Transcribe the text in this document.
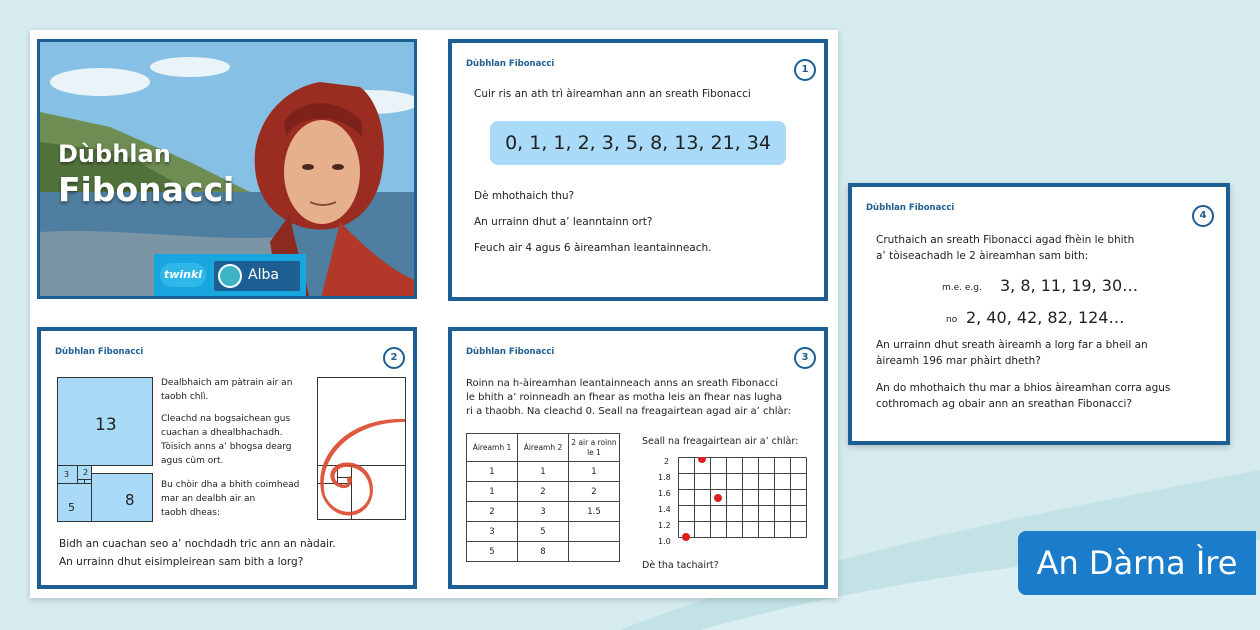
Dùbhlan
Fibonacci
twinkl	Alba
Dùbhlan Fibonacci	1
Cuir ris an ath trì àireamhan ann an sreath Fibonacci
0, 1, 1, 2, 3, 5, 8, 13, 21, 34
Dè mhothaich thu?
An urrainn dhut a’ leanntainn ort?
Feuch air 4 agus 6 àireamhan leantainneach.
Dùbhlan Fibonacci	2
13
8
5
3 2
Dealbhaich am pàtrain air an
taobh chlì.
Cleachd na bogsaichean gus
cuachan a dhealbhachadh.
Tòisich anns a’ bhogsa dearg
agus cùm ort.
Bu chòir dha a bhith coimhead
mar an dealbh air an
taobh dheas:
Bidh an cuachan seo a’ nochdadh tric ann an nàdair.
An urrainn dhut eisimpleirean sam bith a lorg?
Dùbhlan Fibonacci	3
Roinn na h-àireamhan leantainneach anns an sreath Fibonacci
le bhith a’ roinneadh an fhear as motha leis an fhear nas lugha
ri a thaobh. Na cleachd 0. Seall na freagairtean agad air a’ chlàr:
Àireamh 1	Àireamh 2	2 air a roinn le 1
1	1	1
1	2	2
2	3	1.5
3	5	
5	8	
Seall na freagairtean air a’ chlàr:
2
1.8
1.6
1.4
1.2
1.0
Dè tha tachairt?
Dùbhlan Fibonacci
4
Cruthaich an sreath Fibonacci agad fhèin le bhith
a’ tòiseachadh le 2 àireamhan sam bith:
m.e. e.g. 3, 8, 11, 19, 30…
no 2, 40, 42, 82, 124…
An urrainn dhut sreath àireamh a lorg far a bheil an
àireamh 196 mar phàirt dheth?
An do mhothaich thu mar a bhios àireamhan corra agus
cothromach ag obair ann an sreathan Fibonacci?
An Dàrna Ìre
